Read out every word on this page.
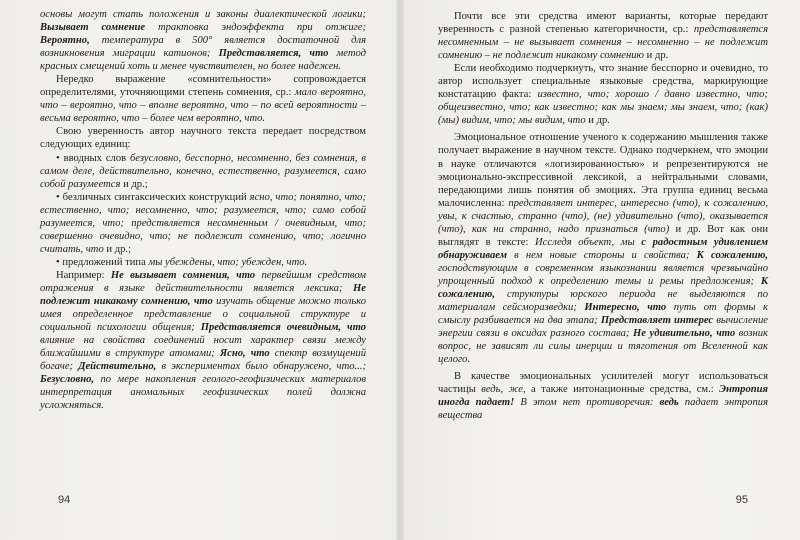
основы могут стать положения и законы диалектической логики; Вызывает сомнение трактовка эндоэффекта при отжиге; Вероятно, температура в 500° является достаточной для возникновения миграции катионов; Представляется, что метод красных смещений хоть и менее чувствителен, но более надежен.

Нередко выражение «сомнительности» сопровождается определителями, уточняющими степень сомнения, ср.: мало вероятно, что – вероятно, что – вполне вероятно, что – по всей вероятности – весьма вероятно, что – более чем вероятно, что.

Свою уверенность автор научного текста передает посредством следующих единиц:

• вводных слов безусловно, бесспорно, несомненно, без сомнения, в самом деле, действительно, конечно, естественно, разумеется, само собой разумеется и др.;

• безличных синтаксических конструкций ясно, что; понятно, что; естественно, что; несомненно, что; разумеется, что; само собой разумеется, что; предствляется несомненным / очевидным, что; совершенно очевидно, что; не подлежит сомнению, что; логично считать, что и др.;

• предложений типа мы убеждены, что; убежден, что.

Например: Не вызывает сомнения, что первейшим средством отражения в языке действительности является лексика; Не подлежит никакому сомнению, что изучать общение можно только имея определенное представление о социальной структуре и социальной психологии общения; Представляется очевидным, что влияние на свойства соединений носит характер связи между ближайшими в структуре атомами; Ясно, что спектр возмущений богаче; Действительно, в экспериментах было обнаружено, что...; Безусловно, по мере накопления геолого-геофизических материалов интерпретация аномальных геофизических полей должна усложняться.

94

Почти все эти средства имеют варианты, которые передают уверенность с разной степенью категоричности, ср.: представляется несомненным – не вызывает сомнения – несомненно – не подлежит сомнению – не подлежит никакому сомнению и др.

Если необходимо подчеркнуть, что знание бесспорно и очевидно, то автор использует специальные языковые средства, маркирующие констатацию факта: известно, что; хорошо / давно известно, что; общеизвестно, что; как известно; как мы знаем; мы знаем, что; (как) (мы) видим, что; мы видим, что и др.

Эмоциональное отношение ученого к содержанию мышления также получает выражение в научном тексте. Однако подчеркнем, что эмоции в науке отличаются «логизированностью» и репрезентируются не эмоционально-экспрессивной лексикой, а нейтральными словами, передающими лишь понятия об эмоциях. Эта группа единиц весьма малочисленна: представляет интерес, интересно (что), к сожалению, увы, к счастью, странно (что), (не) удивительно (что), оказывается (что), как ни странно, надо признаться (что) и др. Вот как они выглядят в тексте: Исследя объект, мы с радостным удивлением обнаруживаем в нем новые стороны и свойства; К сожалению, господствующим в современном языкознании является чрезвычайно упрощенный подход к определению темы и ремы предложения; К сожалению, структуры юрского периода не выделяются по материалам сейсморазведки; Интересно, что путь от формы к смыслу разбивается на два этапа; Представляет интерес вычисление энергии связи в оксидах разного состава; Не удивительно, что возник вопрос, не зависят ли силы инерции и тяготения от Вселенной как целого.

В качестве эмоциональных усилителей могут использоваться частицы ведь, же, а также интонационные средства, см.: Энтропия иногда падает! В этом нет противоречия: ведь падает энтропия вещества

95
